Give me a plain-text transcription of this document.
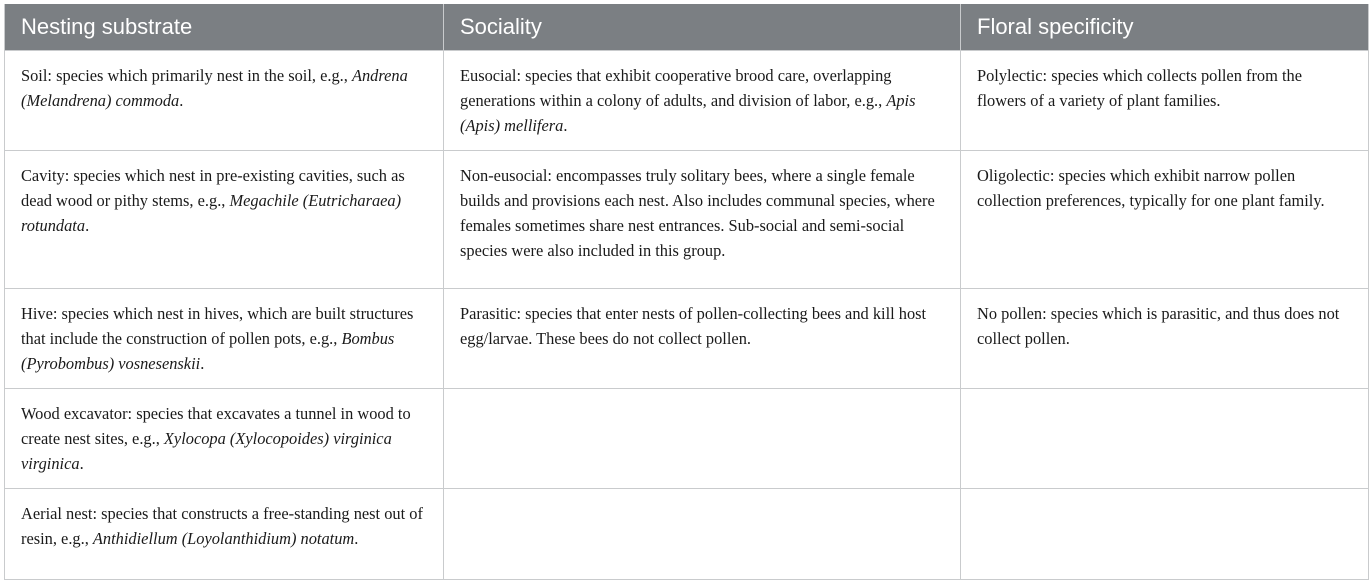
Nesting substrate	Sociality	Floral specificity
Soil: species which primarily nest in the soil, e.g., Andrena (Melandrena) commoda.	Eusocial: species that exhibit cooperative brood care, overlapping generations within a colony of adults, and division of labor, e.g., Apis (Apis) mellifera.	Polylectic: species which collects pollen from the flowers of a variety of plant families.
Cavity: species which nest in pre-existing cavities, such as dead wood or pithy stems, e.g., Megachile (Eutricharaea) rotundata.	Non-eusocial: encompasses truly solitary bees, where a single female builds and provisions each nest. Also includes communal species, where females sometimes share nest entrances. Sub-social and semi-social species were also included in this group.	Oligolectic: species which exhibit narrow pollen collection preferences, typically for one plant family.
Hive: species which nest in hives, which are built structures that include the construction of pollen pots, e.g., Bombus (Pyrobombus) vosnesenskii.	Parasitic: species that enter nests of pollen-collecting bees and kill host egg/larvae. These bees do not collect pollen.	No pollen: species which is parasitic, and thus does not collect pollen.
Wood excavator: species that excavates a tunnel in wood to create nest sites, e.g., Xylocopa (Xylocopoides) virginica virginica.		
Aerial nest: species that constructs a free-standing nest out of resin, e.g., Anthidiellum (Loyolanthidium) notatum.		
